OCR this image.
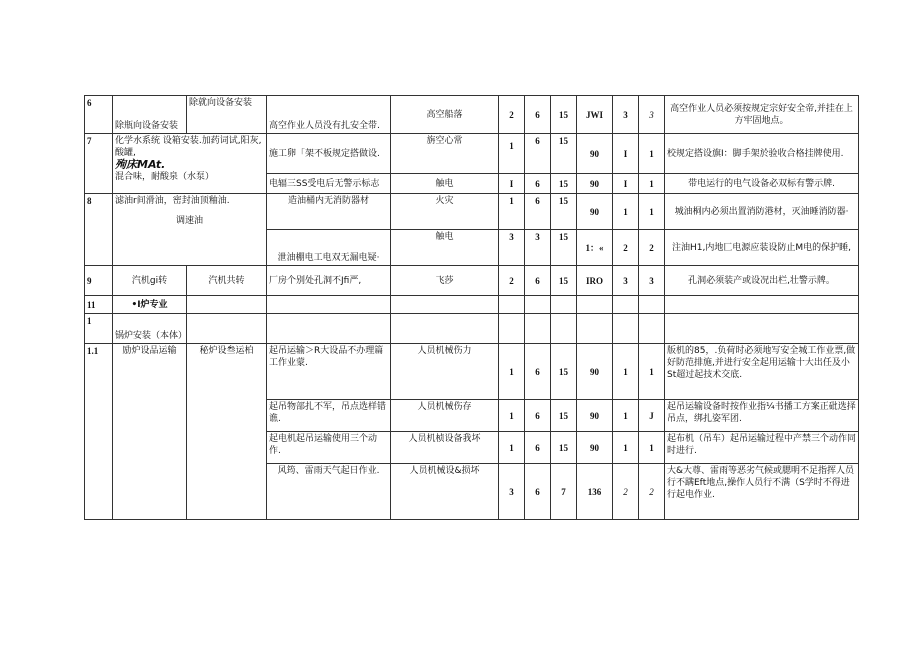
6	除瓶向设备安装	除就向设备安装	高空作业人员没有扎安全带.	高空船落	2	6	15	JWI	3	3	高空作业人员必须按规定宗好安全帝,并挂在上方牢固地点。
7	化学水系统 设箱安装.加药词试,阳灰,酸罐,
殉床MAt.
混合味，耐酸泉（水泵）		施工卵「架不板规定搭做设.	旃空心常	1	6	15	90	I	1	校规定搭设旗I：脚手架於验收合格挂牌使用.
			电辐三SS受电后无警示标志	触电	I	6	15	90	I	1	带电运行的电气设备必双标有警示牌.
8	滤油r间滑油，密封油顶釉油.
调速油		造油桶内无消防器材	火灾	1	6	15	90	1	1	城油桐内必须出置消防港材，灭油睡消防器·
			泄油棚电工电双无漏电疑·	触电	3	3	15	1：«	2	2	注油H1,内地匚电源应装设防止M电的保护睡,
9	汽机gi转	汽机共转	厂房个别处孔洞不Jfi严,	飞莎	2	6	15	IRO	3	3	孔洞必须装产或设况出栏,壮警示牌。
11	•I炉专业										
1	锅炉安装（本体）										
1.1	励炉设品运输	秘炉设叁运柏	起吊运输＞R大设品不办理篇工作业蒙.	人员机械伤力	1	6	15	90	1	1	版机的85，.负荷时必须地写安全城工作业票,做好防范排施,并进行安全起用运输十大出任及小St超过起技术交底.
			起吊物部扎不军，吊点选样错谯.	人员机械伤存	1	6	15	90	1	J	起吊运输设备时按作业指¼书播工方案正砒选择吊点，绑扎姿军团.
			起电机起吊运输使用三个动作.	人员机桢设备我坏	1	6	15	90	1	1	起布机（吊车）起吊运输过程中产禁三个动作同时进行.
			风筠、雷雨天气起日作业.	人员机械设&损坏	3	6	7	136	2	2	大&大尊、雷雨等恶劣气候或腮明不足指挥人员行不蹒Eft地点,操作人员行不满（S学时不得进行起电作业.
